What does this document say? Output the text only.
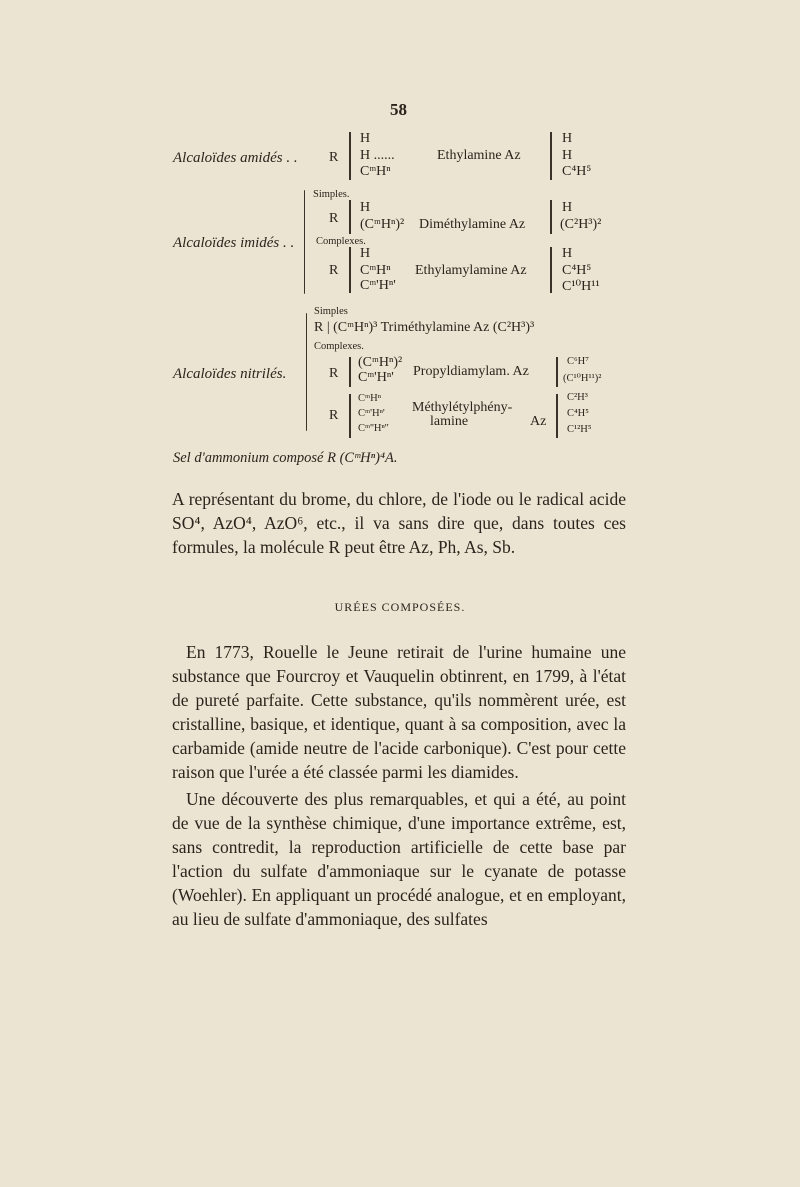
58
Alcaloïdes amidés . . R
H
H ......
CᵐHⁿ
Ethylamine Az
H
H
C⁴H⁵
Alcaloïdes imidés . .
Simples.
R
H
(CᵐHⁿ)² Diméthylamine Az
H
(C²H³)²
Complexes.
R
H
CᵐHⁿ
Cᵐ'Hⁿ'
Ethylamylamine Az
H
C⁴H⁵
C¹⁰H¹¹
Alcaloïdes nitrilés.
Simples
R | (CᵐHⁿ)³ Triméthylamine Az (C²H³)³
Complexes.
R
(CᵐHⁿ)²
Cᵐ'Hⁿ' Propyldiamylam. Az
C⁶H⁷
(C¹⁰H¹¹)²
R
CᵐHⁿ
Cᵐ'Hⁿ'
Cᵐ''Hⁿ''
Méthylétylphény-
lamine	Az
C²H³
C⁴H⁵
C¹²H⁵
Sel d'ammonium composé R (CᵐHⁿ)⁴A.
A représentant du brome, du chlore, de l'iode ou le radical acide SO⁴, AzO⁴, AzO⁶, etc., il va sans dire que, dans toutes ces formules, la molécule R peut être Az, Ph, As, Sb.
URÉES COMPOSÉES.
En 1773, Rouelle le Jeune retirait de l'urine humaine une substance que Fourcroy et Vauquelin obtinrent, en 1799, à l'état de pureté parfaite. Cette substance, qu'ils nommèrent urée, est cristalline, basique, et identique, quant à sa composition, avec la carbamide (amide neutre de l'acide carbonique). C'est pour cette raison que l'urée a été classée parmi les diamides.
Une découverte des plus remarquables, et qui a été, au point de vue de la synthèse chimique, d'une importance extrême, est, sans contredit, la reproduction artificielle de cette base par l'action du sulfate d'ammoniaque sur le cyanate de potasse (Woehler). En appliquant un procédé analogue, et en employant, au lieu de sulfate d'ammoniaque, des sulfates
